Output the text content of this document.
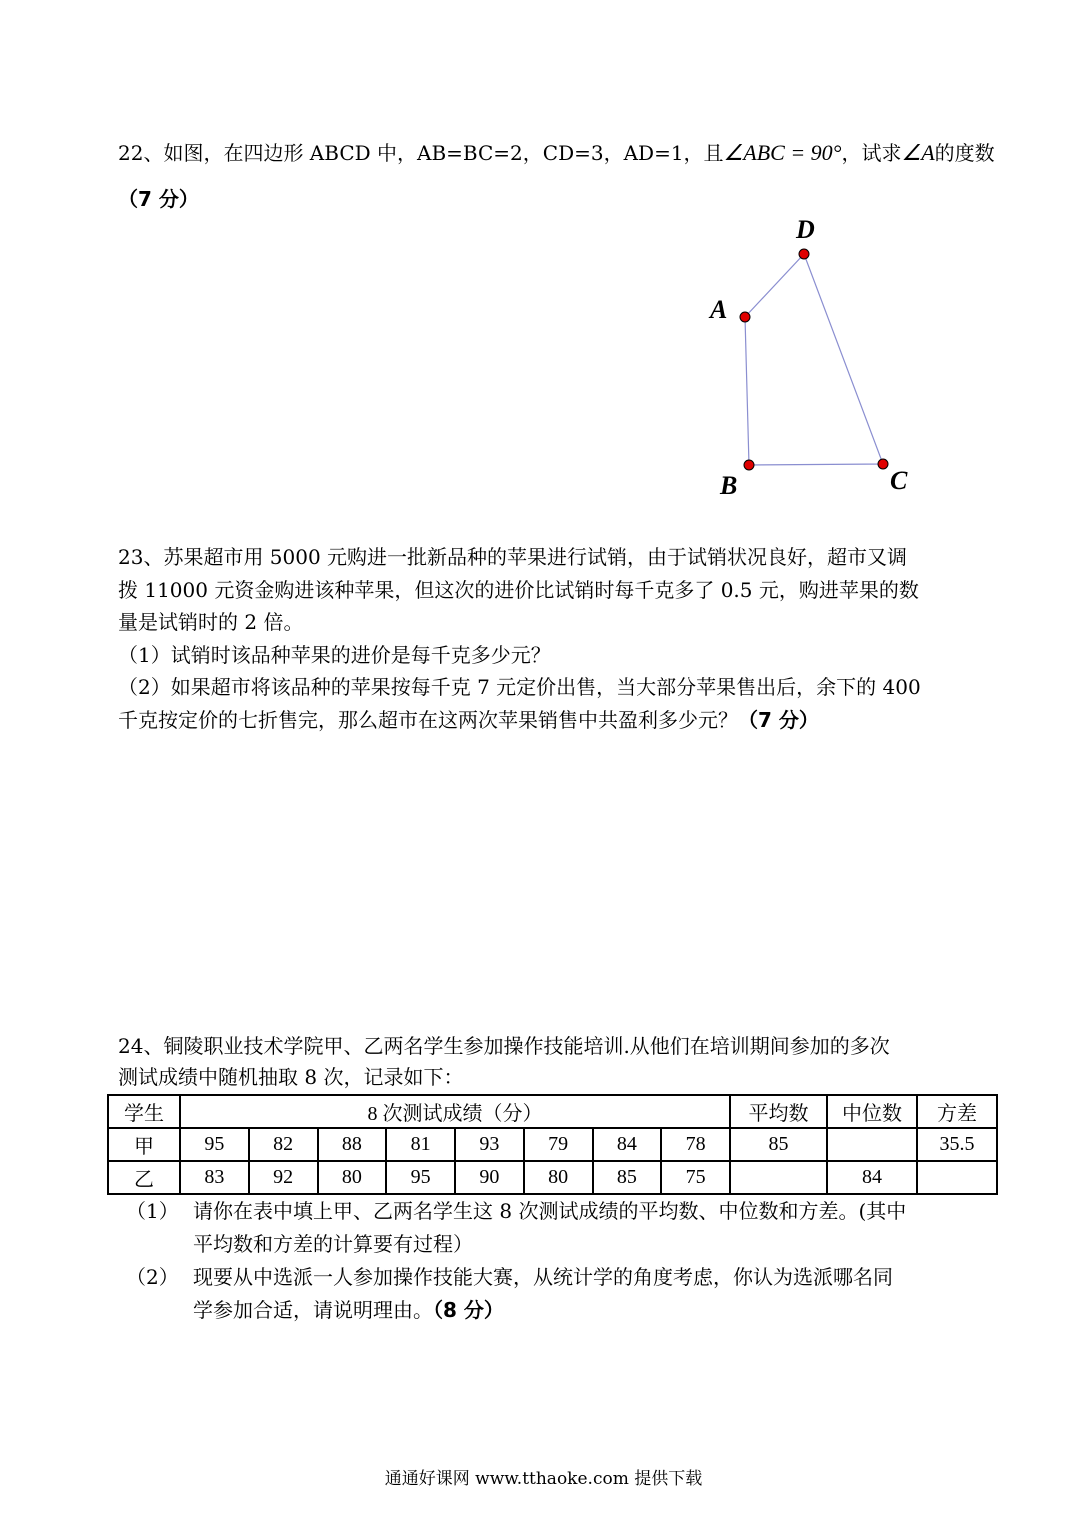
22、如图，在四边形 ABCD 中，AB=BC=2，CD=3，AD=1，且∠ABC = 90°，试求∠A的度数
（7 分）
A
D
C
B
23、苏果超市用 5000 元购进一批新品种的苹果进行试销，由于试销状况良好，超市又调
拨 11000 元资金购进该种苹果，但这次的进价比试销时每千克多了 0.5 元，购进苹果的数
量是试销时的 2 倍。
（1）试销时该品种苹果的进价是每千克多少元？
（2）如果超市将该品种的苹果按每千克 7 元定价出售，当大部分苹果售出后，余下的 400
千克按定价的七折售完，那么超市在这两次苹果销售中共盈利多少元？（7 分）
24、铜陵职业技术学院甲、乙两名学生参加操作技能培训.从他们在培训期间参加的多次
测试成绩中随机抽取 8 次，记录如下：
学生	8 次测试成绩（分）								平均数	中位数	方差
甲	95	82	88	81	93	79	84	78	85		35.5
乙	83	92	80	95	90	80	85	75		84	
（1） 请你在表中填上甲、乙两名学生这 8 次测试成绩的平均数、中位数和方差。(其中
平均数和方差的计算要有过程）
（2） 现要从中选派一人参加操作技能大赛，从统计学的角度考虑，你认为选派哪名同
学参加合适，请说明理由。（8 分）
通通好课网 www.tthaoke.com 提供下载
